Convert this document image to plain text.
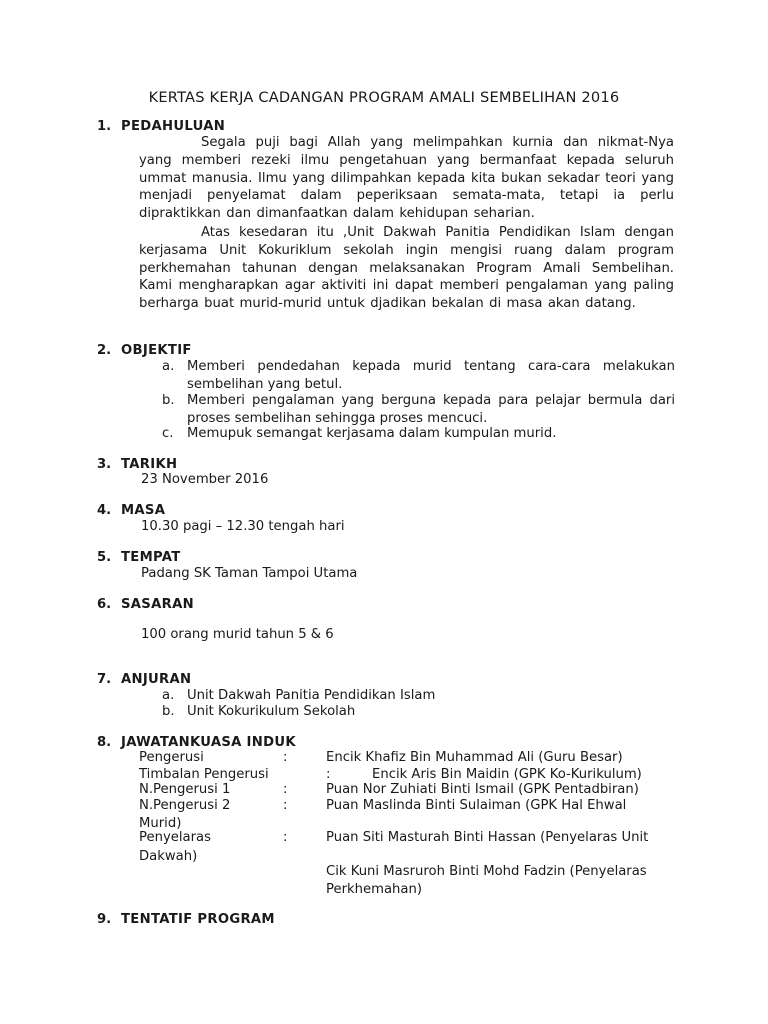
KERTAS KERJA CADANGAN PROGRAM AMALI SEMBELIHAN 2016
1. PEDAHULUAN
Segala puji bagi Allah yang melimpahkan kurnia dan nikmat-Nya yang memberi rezeki ilmu pengetahuan yang bermanfaat kepada seluruh ummat manusia. Ilmu yang dilimpahkan kepada kita bukan sekadar teori yang menjadi penyelamat dalam peperiksaan semata-mata, tetapi ia perlu dipraktikkan dan dimanfaatkan dalam kehidupan seharian.
Atas kesedaran itu ,Unit Dakwah Panitia Pendidikan Islam dengan kerjasama Unit Kokuriklum sekolah ingin mengisi ruang dalam program perkhemahan tahunan dengan melaksanakan Program Amali Sembelihan. Kami mengharapkan agar aktiviti ini dapat memberi pengalaman yang paling berharga buat murid-murid untuk djadikan bekalan di masa akan datang.
2. OBJEKTIF
a. Memberi pendedahan kepada murid tentang cara-cara melakukan sembelihan yang betul.
b. Memberi pengalaman yang berguna kepada para pelajar bermula dari proses sembelihan sehingga proses mencuci.
c. Memupuk semangat kerjasama dalam kumpulan murid.
3. TARIKH
23 November 2016
4. MASA
10.30 pagi – 12.30 tengah hari
5. TEMPAT
Padang SK Taman Tampoi Utama
6. SASARAN
100 orang murid tahun 5 & 6
7. ANJURAN
a. Unit Dakwah Panitia Pendidikan Islam
b. Unit Kokurikulum Sekolah
8. JAWATANKUASA INDUK
Pengerusi	:	Encik Khafiz Bin Muhammad Ali (Guru Besar)
Timbalan Pengerusi	:	Encik Aris Bin Maidin (GPK Ko-Kurikulum)
N.Pengerusi 1	:	Puan Nor Zuhiati Binti Ismail (GPK Pentadbiran)
N.Pengerusi 2	:	Puan Maslinda Binti Sulaiman (GPK Hal Ehwal
Murid)
Penyelaras	:	Puan Siti Masturah Binti Hassan (Penyelaras Unit
Dakwah)
Cik Kuni Masruroh Binti Mohd Fadzin (Penyelaras Perkhemahan)
9. TENTATIF PROGRAM
